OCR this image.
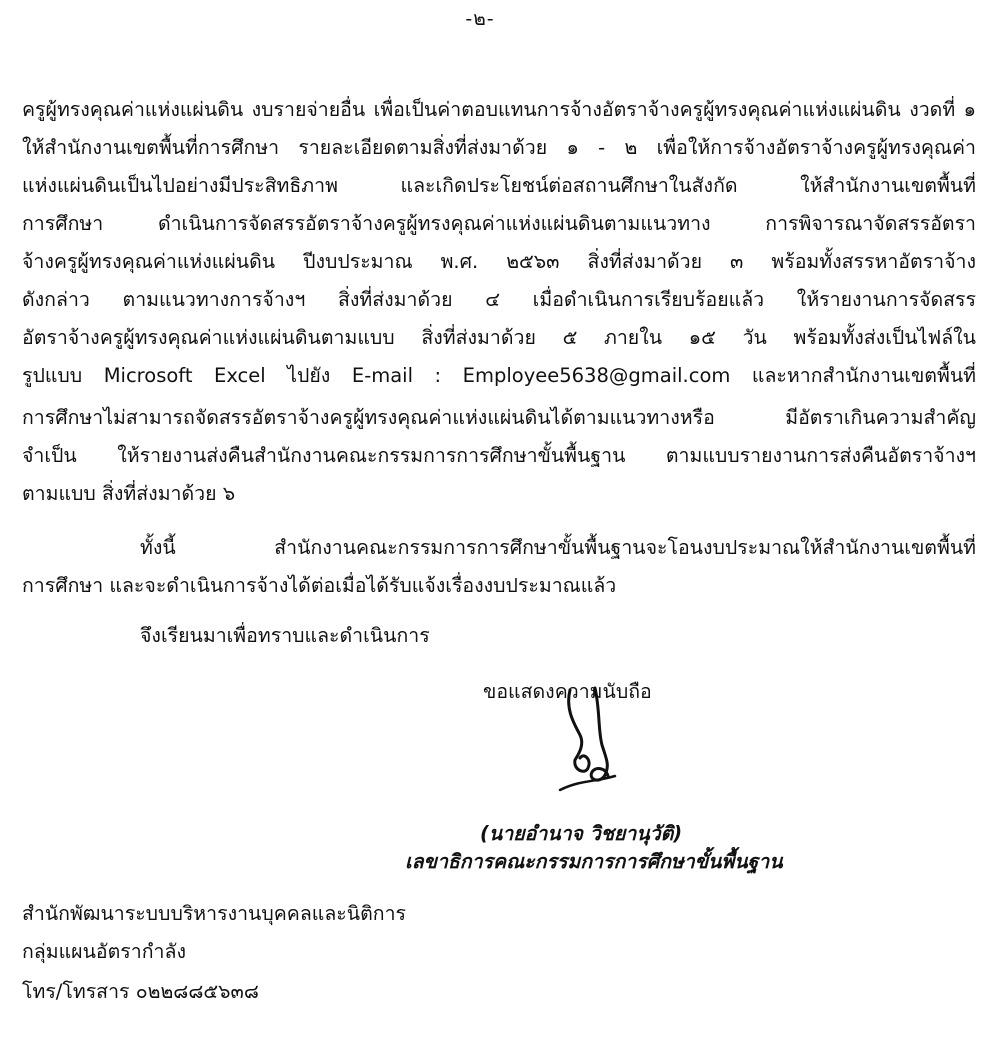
-๒-
ครูผู้ทรงคุณค่าแห่งแผ่นดิน งบรายจ่ายอื่น เพื่อเป็นค่าตอบแทนการจ้างอัตราจ้างครูผู้ทรงคุณค่าแห่งแผ่นดิน งวดที่ ๑
ให้สำนักงานเขตพื้นที่การศึกษา รายละเอียดตามสิ่งที่ส่งมาด้วย ๑ - ๒ เพื่อให้การจ้างอัตราจ้างครูผู้ทรงคุณค่า
แห่งแผ่นดินเป็นไปอย่างมีประสิทธิภาพ และเกิดประโยชน์ต่อสถานศึกษาในสังกัด ให้สำนักงานเขตพื้นที่
การศึกษา ดำเนินการจัดสรรอัตราจ้างครูผู้ทรงคุณค่าแห่งแผ่นดินตามแนวทาง การพิจารณาจัดสรรอัตรา
จ้างครูผู้ทรงคุณค่าแห่งแผ่นดิน ปีงบประมาณ พ.ศ. ๒๕๖๓ สิ่งที่ส่งมาด้วย ๓ พร้อมทั้งสรรหาอัตราจ้าง
ดังกล่าว ตามแนวทางการจ้างฯ สิ่งที่ส่งมาด้วย ๔ เมื่อดำเนินการเรียบร้อยแล้ว ให้รายงานการจัดสรร
อัตราจ้างครูผู้ทรงคุณค่าแห่งแผ่นดินตามแบบ สิ่งที่ส่งมาด้วย ๕ ภายใน ๑๕ วัน พร้อมทั้งส่งเป็นไฟล์ใน
รูปแบบ Microsoft Excel ไปยัง E-mail : Employee5638@gmail.com และหากสำนักงานเขตพื้นที่
การศึกษาไม่สามารถจัดสรรอัตราจ้างครูผู้ทรงคุณค่าแห่งแผ่นดินได้ตามแนวทางหรือ มีอัตราเกินความสำคัญ
จำเป็น ให้รายงานส่งคืนสำนักงานคณะกรรมการการศึกษาขั้นพื้นฐาน ตามแบบรายงานการส่งคืนอัตราจ้างฯ
ตามแบบ สิ่งที่ส่งมาด้วย ๖
ทั้งนี้ สำนักงานคณะกรรมการการศึกษาขั้นพื้นฐานจะโอนงบประมาณให้สำนักงานเขตพื้นที่
การศึกษา และจะดำเนินการจ้างได้ต่อเมื่อได้รับแจ้งเรื่องงบประมาณแล้ว
จึงเรียนมาเพื่อทราบและดำเนินการ
ขอแสดงความนับถือ
(นายอำนาจ วิชยานุวัติ)
เลขาธิการคณะกรรมการการศึกษาขั้นพื้นฐาน
สำนักพัฒนาระบบบริหารงานบุคคลและนิติการ
กลุ่มแผนอัตรากำลัง
โทร/โทรสาร ๐๒๒๘๘๕๖๓๘
